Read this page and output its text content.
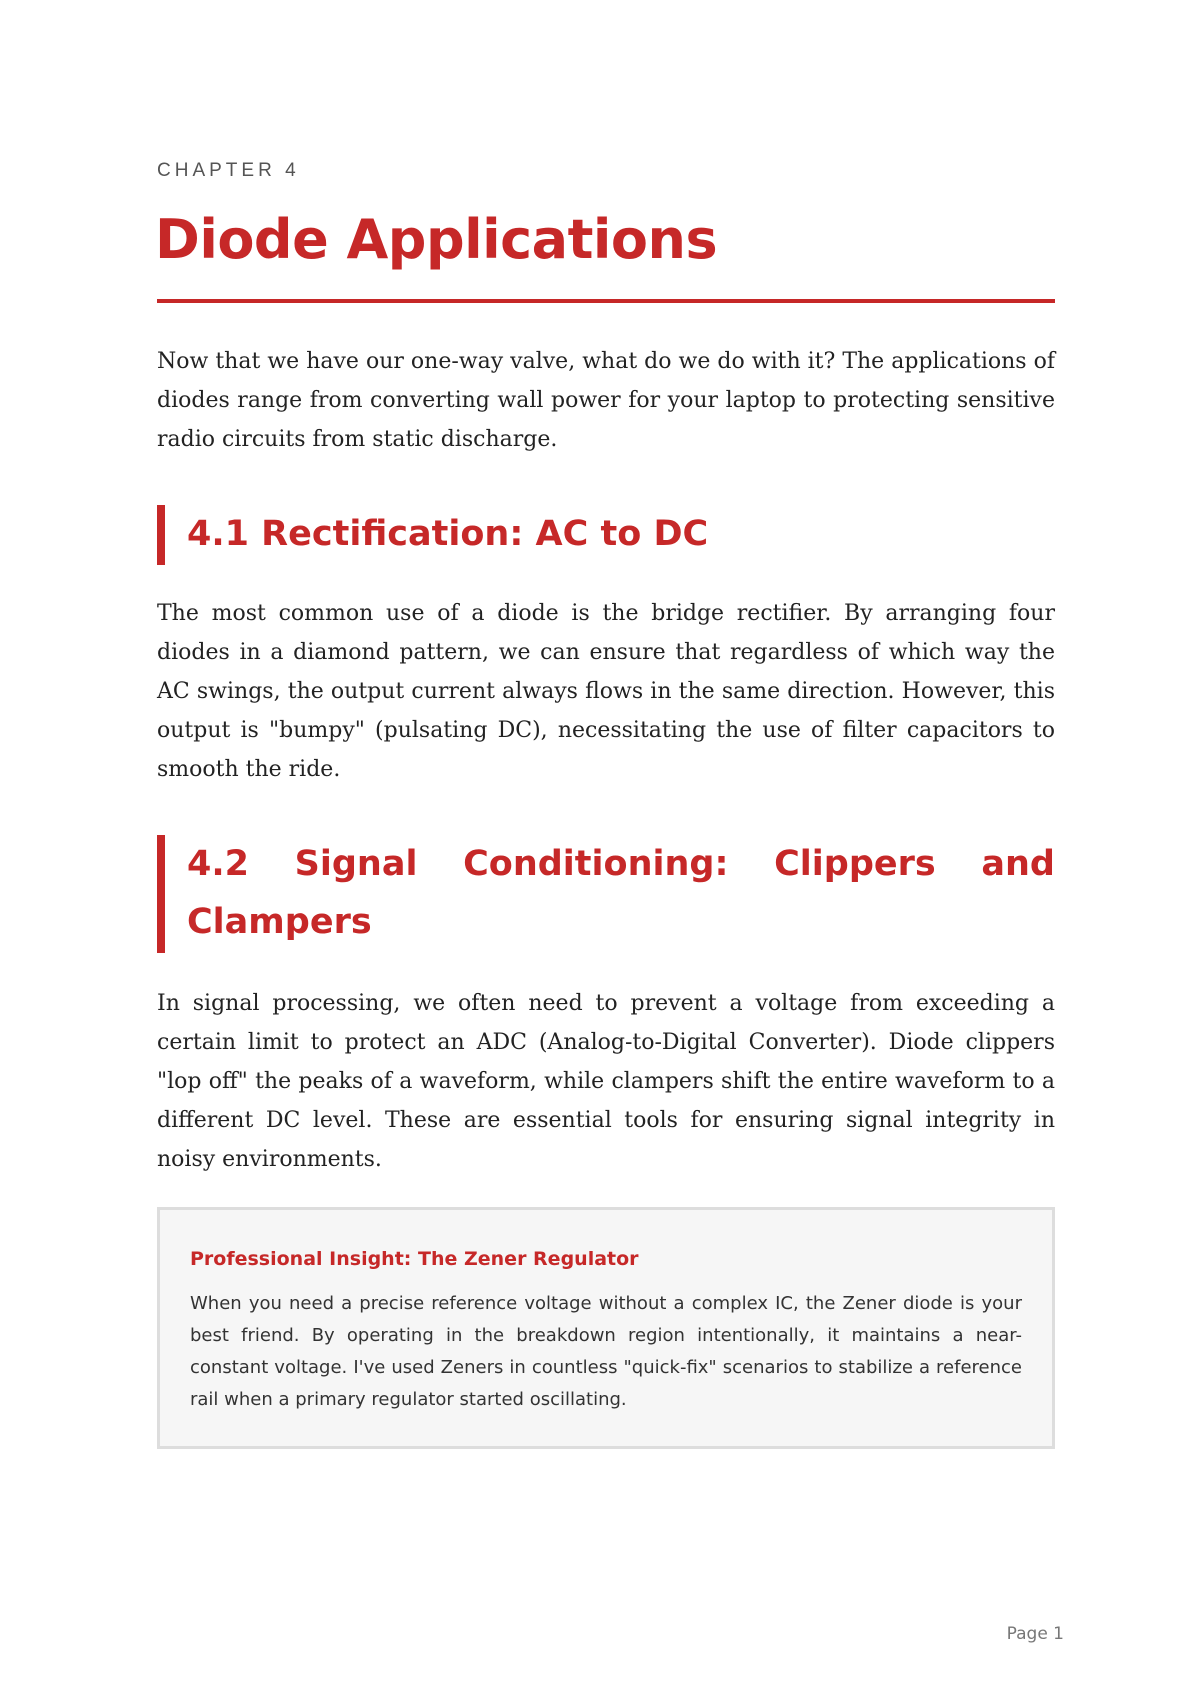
CHAPTER 4
Diode Applications

Now that we have our one-way valve, what do we do with it? The applications of diodes range from converting wall power for your laptop to protecting sensitive radio circuits from static discharge.

4.1 Rectification: AC to DC

The most common use of a diode is the bridge rectifier. By arranging four diodes in a diamond pattern, we can ensure that regardless of which way the AC swings, the output current always flows in the same direction. However, this output is "bumpy" (pulsating DC), necessitating the use of filter capacitors to smooth the ride.

4.2 Signal Conditioning: Clippers and Clampers

In signal processing, we often need to prevent a voltage from exceeding a certain limit to protect an ADC (Analog-to-Digital Converter). Diode clippers "lop off" the peaks of a waveform, while clampers shift the entire waveform to a different DC level. These are essential tools for ensuring signal integrity in noisy environments.

Professional Insight: The Zener Regulator

When you need a precise reference voltage without a complex IC, the Zener diode is your best friend. By operating in the breakdown region intentionally, it maintains a near-constant voltage. I've used Zeners in countless "quick-fix" scenarios to stabilize a reference rail when a primary regulator started oscillating.

Page 1
